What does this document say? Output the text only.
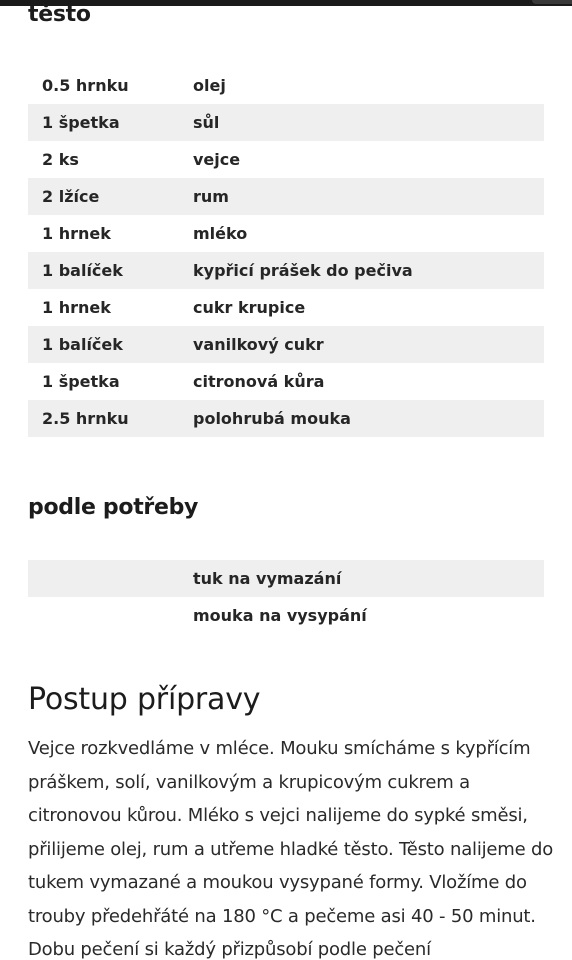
těsto
0.5 hrnku	olej
1 špetka	sůl
2 ks	vejce
2 lžíce	rum
1 hrnek	mléko
1 balíček	kypřicí prášek do pečiva
1 hrnek	cukr krupice
1 balíček	vanilkový cukr
1 špetka	citronová kůra
2.5 hrnku	polohrubá mouka
podle potřeby
	tuk na vymazání
	mouka na vysypání
Postup přípravy

Vejce rozkvedláme v mléce. Mouku smícháme s kypřícím práškem, solí, vanilkovým a krupicovým cukrem a citronovou kůrou. Mléko s vejci nalijeme do sypké směsi, přilijeme olej, rum a utřeme hladké těsto. Těsto nalijeme do tukem vymazané a moukou vysypané formy. Vložíme do trouby předehřáté na 180 °C a pečeme asi 40 - 50 minut. Dobu pečení si každý přizpůsobí podle pečení
